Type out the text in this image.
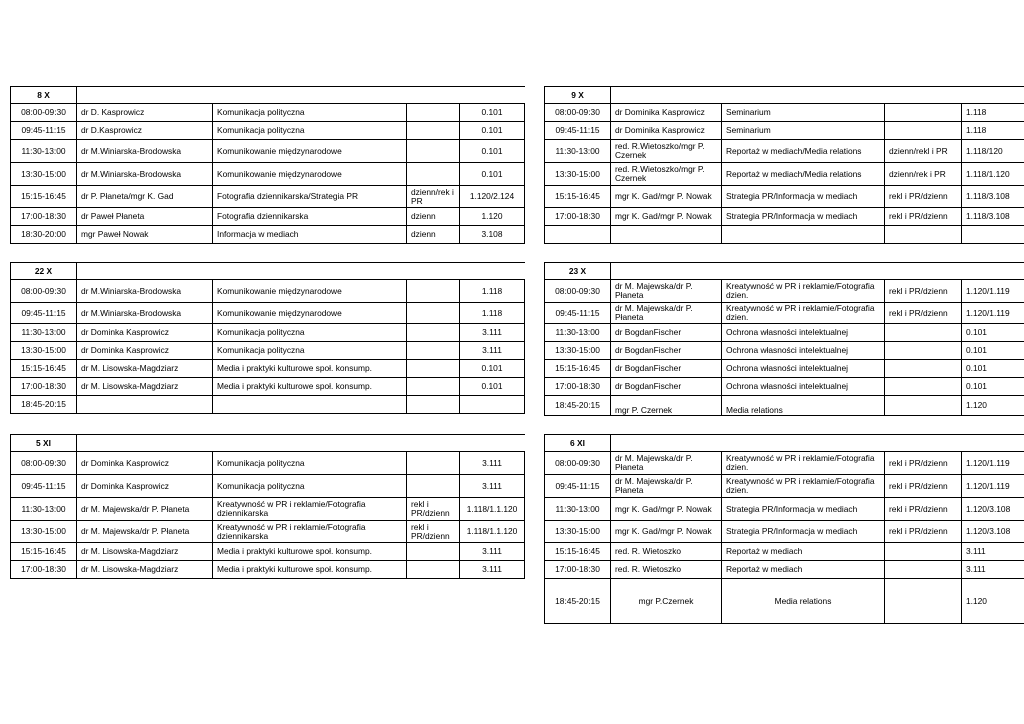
8 X				
08:00-09:30	dr D. Kasprowicz	Komunikacja polityczna		0.101
09:45-11:15	dr D.Kasprowicz	Komunikacja polityczna		0.101
11:30-13:00	dr M.Winiarska-Brodowska	Komunikowanie międzynarodowe		0.101
13:30-15:00	dr M.Winiarska-Brodowska	Komunikowanie międzynarodowe		0.101
15:15-16:45	dr P. Płaneta/mgr K. Gad	Fotografia dziennikarska/Strategia PR	dzienn/rek i PR	1.120/2.124
17:00-18:30	dr Paweł Płaneta	Fotografia dziennikarska	dzienn	1.120
18:30-20:00	mgr Paweł Nowak	Informacja w mediach	dzienn	3.108
9 X				
08:00-09:30	dr Dominika Kasprowicz	Seminarium		1.118
09:45-11:15	dr Dominika Kasprowicz	Seminarium		1.118
11:30-13:00	red. R.Wietoszko/mgr P. Czernek	Reportaż w mediach/Media relations	dzienn/rekl i PR	1.118/120
13:30-15:00	red. R.Wietoszko/mgr P. Czernek	Reportaż w mediach/Media relations	dzienn/rek i PR	1.118/1.120
15:15-16:45	mgr K. Gad/mgr P. Nowak	Strategia PR/Informacja w mediach	rekl i PR/dzienn	1.118/3.108
17:00-18:30	mgr K. Gad/mgr P. Nowak	Strategia PR/Informacja w mediach	rekl i PR/dzienn	1.118/3.108

22 X				
08:00-09:30	dr M.Winiarska-Brodowska	Komunikowanie międzynarodowe		1.118
09:45-11:15	dr M.Winiarska-Brodowska	Komunikowanie międzynarodowe		1.118
11:30-13:00	dr Dominka Kasprowicz	Komunikacja polityczna		3.111
13:30-15:00	dr Dominka Kasprowicz	Komunikacja polityczna		3.111
15:15-16:45	dr M. Lisowska-Magdziarz	Media i praktyki kulturowe społ. konsump.		0.101
17:00-18:30	dr M. Lisowska-Magdziarz	Media i praktyki kulturowe społ. konsump.		0.101
18:45-20:15				
23 X				
08:00-09:30	dr M. Majewska/dr P. Płaneta	Kreatywność w PR i reklamie/Fotografia dzien.	rekl i PR/dzienn	1.120/1.119
09:45-11:15	dr M. Majewska/dr P. Płaneta	Kreatywność w PR i reklamie/Fotografia dzien.	rekl i PR/dzienn	1.120/1.119
11:30-13:00	dr BogdanFischer	Ochrona własności intelektualnej		0.101
13:30-15:00	dr BogdanFischer	Ochrona własności intelektualnej		0.101
15:15-16:45	dr BogdanFischer	Ochrona własności intelektualnej		0.101
17:00-18:30	dr BogdanFischer	Ochrona własności intelektualnej		0.101
18:45-20:15	mgr P. Czernek	Media relations		1.120
5 XI				
08:00-09:30	dr Dominka Kasprowicz	Komunikacja polityczna		3.111
09:45-11:15	dr Dominka Kasprowicz	Komunikacja polityczna		3.111
11:30-13:00	dr M. Majewska/dr P. Płaneta	Kreatywność w PR i reklamie/Fotografia dziennikarska	rekl i PR/dzienn	1.118/1.1.120
13:30-15:00	dr M. Majewska/dr P. Płaneta	Kreatywność w PR i reklamie/Fotografia dziennikarska	rekl i PR/dzienn	1.118/1.1.120
15:15-16:45	dr M. Lisowska-Magdziarz	Media i praktyki kulturowe społ. konsump.		3.111
17:00-18:30	dr M. Lisowska-Magdziarz	Media i praktyki kulturowe społ. konsump.		3.111
6 XI				
08:00-09:30	dr M. Majewska/dr P. Płaneta	Kreatywność w PR i reklamie/Fotografia dzien.	rekl i PR/dzienn	1.120/1.119
09:45-11:15	dr M. Majewska/dr P. Płaneta	Kreatywność w PR i reklamie/Fotografia dzien.	rekl i PR/dzienn	1.120/1.119
11:30-13:00	mgr K. Gad/mgr P. Nowak	Strategia PR/Informacja w mediach	rekl i PR/dzienn	1.120/3.108
13:30-15:00	mgr K. Gad/mgr P. Nowak	Strategia PR/Informacja w mediach	rekl i PR/dzienn	1.120/3.108
15:15-16:45	red. R. Wietoszko	Reportaż w mediach		3.111
17:00-18:30	red. R. Wietoszko	Reportaż w mediach		3.111
18:45-20:15	mgr P.Czernek	Media relations		1.120
